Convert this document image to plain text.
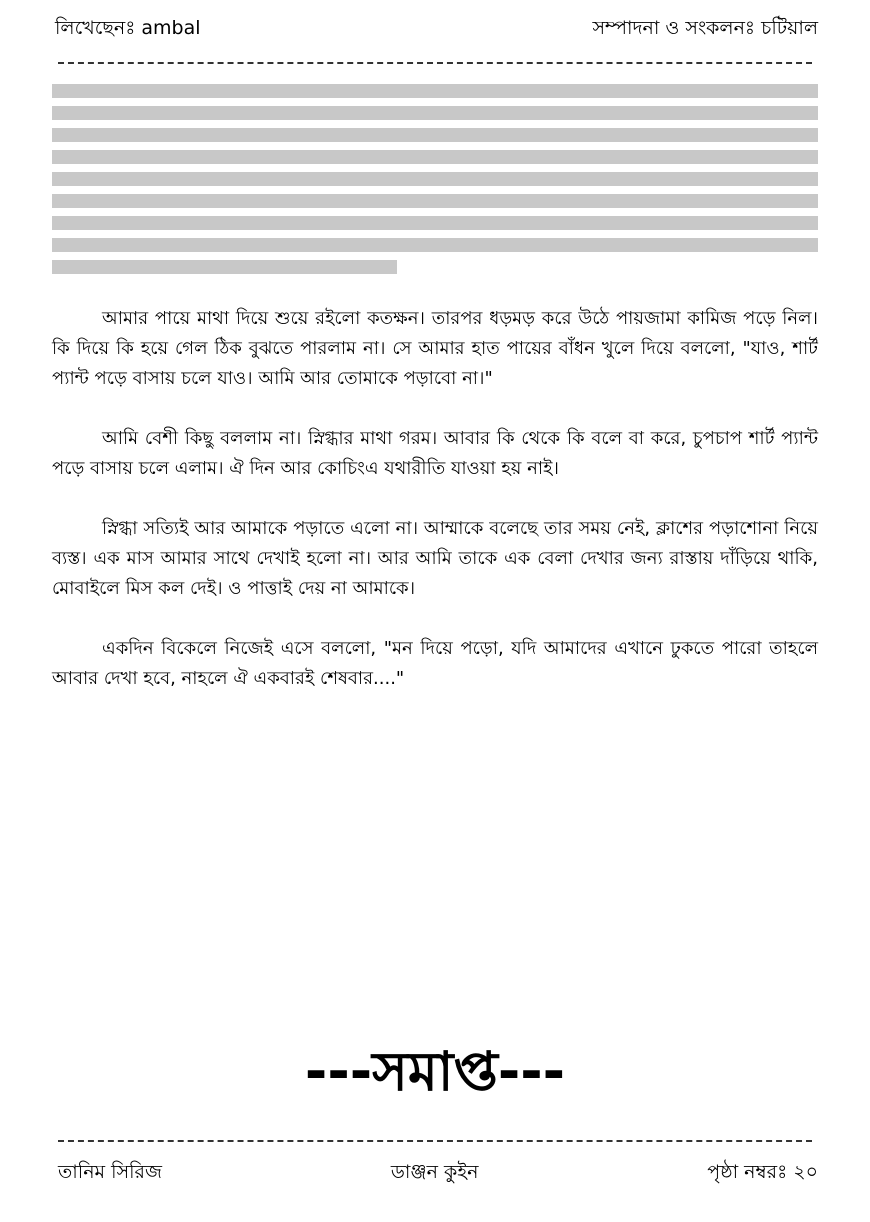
লিখেছেনঃ ambal	সম্পাদনা ও সংকলনঃ চটিয়াল

আমার পায়ে মাথা দিয়ে শুয়ে রইলো কতক্ষন। তারপর ধড়মড় করে উঠে পায়জামা কামিজ পড়ে নিল। কি দিয়ে কি হয়ে গেল ঠিক বুঝতে পারলাম না। সে আমার হাত পায়ের বাঁধন খুলে দিয়ে বললো, "যাও, শার্ট প্যান্ট পড়ে বাসায় চলে যাও। আমি আর তোমাকে পড়াবো না।"

আমি বেশী কিছু বললাম না। স্নিগ্ধার মাথা গরম। আবার কি থেকে কি বলে বা করে, চুপচাপ শার্ট প্যান্ট পড়ে বাসায় চলে এলাম। ঐ দিন আর কোচিংএ যথারীতি যাওয়া হয় নাই।

স্নিগ্ধা সত্যিই আর আমাকে পড়াতে এলো না। আম্মাকে বলেছে তার সময় নেই, ক্লাশের পড়াশোনা নিয়ে ব্যস্ত। এক মাস আমার সাথে দেখাই হলো না। আর আমি তাকে এক বেলা দেখার জন্য রাস্তায় দাঁড়িয়ে থাকি, মোবাইলে মিস কল দেই। ও পাত্তাই দেয় না আমাকে।

একদিন বিকেলে নিজেই এসে বললো, "মন দিয়ে পড়ো, যদি আমাদের এখানে ঢুকতে পারো তাহলে আবার দেখা হবে, নাহলে ঐ একবারই শেষবার...."

---সমাপ্ত---
তানিম সিরিজ	ডাঞ্জন কুইন	পৃষ্ঠা নম্বরঃ ২০
